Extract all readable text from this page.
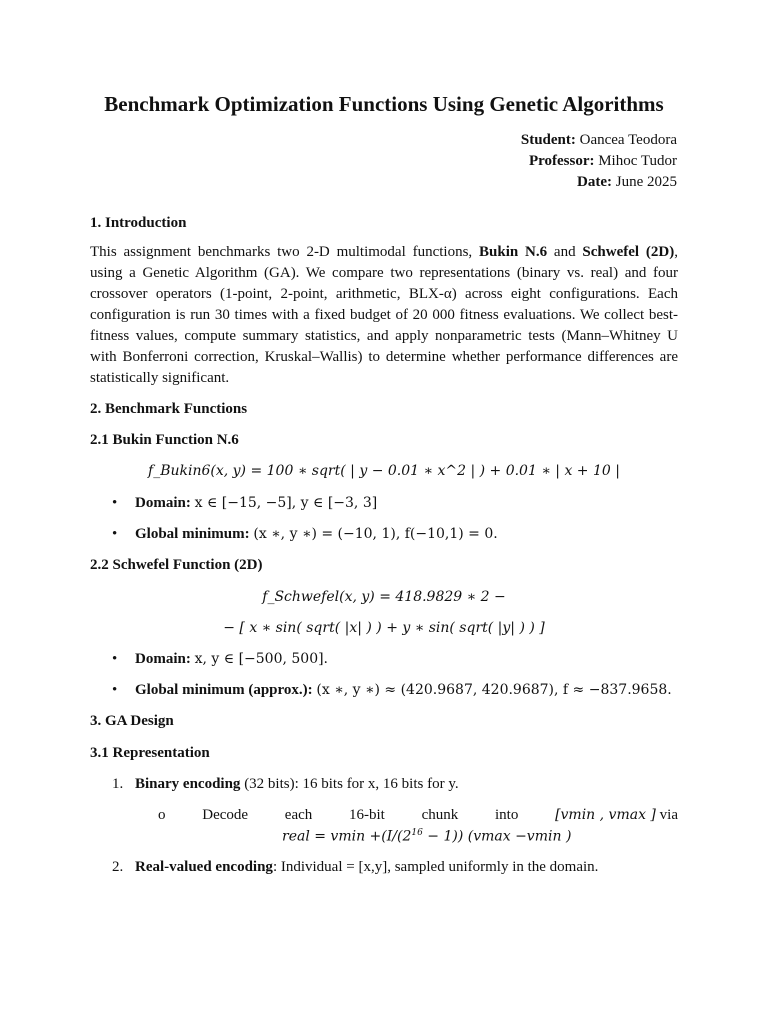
Benchmark Optimization Functions Using Genetic Algorithms
Student: Oancea Teodora
Professor: Mihoc Tudor
Date: June 2025
1. Introduction
This assignment benchmarks two 2-D multimodal functions, Bukin N.6 and Schwefel (2D), using a Genetic Algorithm (GA). We compare two representations (binary vs. real) and four crossover operators (1-point, 2-point, arithmetic, BLX-α) across eight configurations. Each configuration is run 30 times with a fixed budget of 20 000 fitness evaluations. We collect best-fitness values, compute summary statistics, and apply nonparametric tests (Mann–Whitney U with Bonferroni correction, Kruskal–Wallis) to determine whether performance differences are statistically significant.
2. Benchmark Functions
2.1 Bukin Function N.6
f_Bukin6(x, y) = 100 ∗ sqrt( | y − 0.01 ∗ x^2 | ) + 0.01 ∗ | x + 10 |
• Domain: x ∈ [−15, −5], y ∈ [−3, 3]
• Global minimum: (x ∗, y ∗) = (−10, 1), f(−10,1) = 0.
2.2 Schwefel Function (2D)
f_Schwefel(x, y) = 418.9829 ∗ 2 −
− [ x ∗ sin( sqrt( |x| ) ) + y ∗ sin( sqrt( |y| ) ) ]
• Domain: x, y ∈ [−500, 500].
• Global minimum (approx.): (x ∗, y ∗) ≈ (420.9687, 420.9687), f ≈ −837.9658.
3. GA Design
3.1 Representation
1. Binary encoding (32 bits): 16 bits for x, 16 bits for y.
o Decode each 16-bit chunk into	[vmin , vmax ] via
real = $vmin +(I/(2^{16} - 1))$ (vmax −vmin )
2. Real-valued encoding: Individual = [x,y], sampled uniformly in the domain.
